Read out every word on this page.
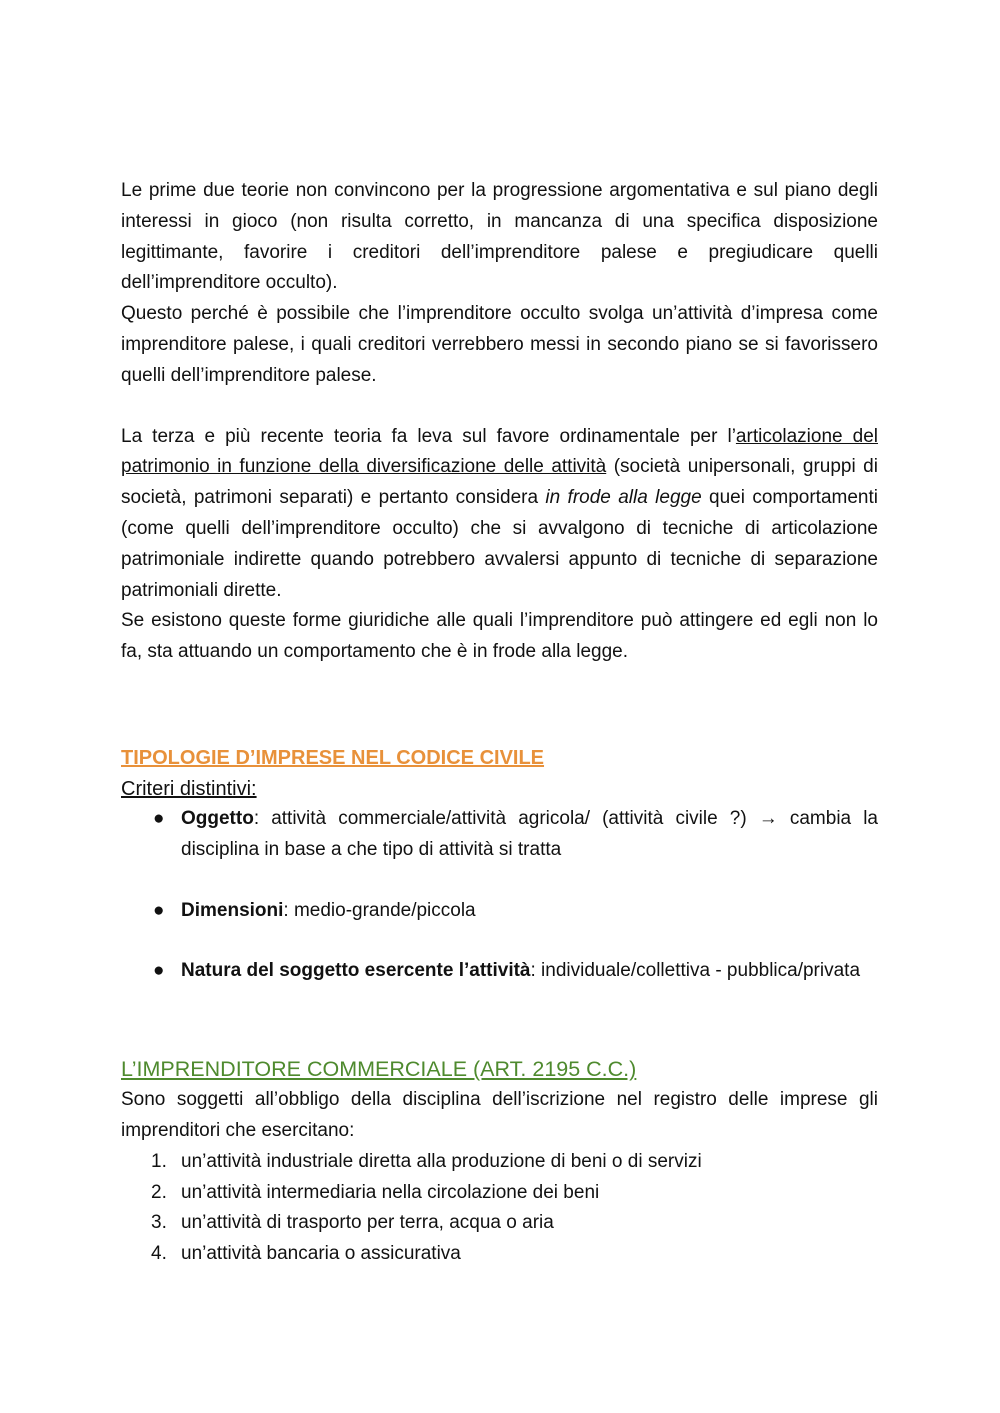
Le prime due teorie non convincono per la progressione argomentativa e sul piano degli interessi in gioco (non risulta corretto, in mancanza di una specifica disposizione legittimante, favorire i creditori dell’imprenditore palese e pregiudicare quelli dell’imprenditore occulto).

Questo perché è possibile che l’imprenditore occulto svolga un’attività d’impresa come imprenditore palese, i quali creditori verrebbero messi in secondo piano se si favorissero quelli dell’imprenditore palese.

La terza e più recente teoria fa leva sul favore ordinamentale per l’articolazione del patrimonio in funzione della diversificazione delle attività (società unipersonali, gruppi di società, patrimoni separati) e pertanto considera in frode alla legge quei comportamenti (come quelli dell’imprenditore occulto) che si avvalgono di tecniche di articolazione patrimoniale indirette quando potrebbero avvalersi appunto di tecniche di separazione patrimoniali dirette.

Se esistono queste forme giuridiche alle quali l’imprenditore può attingere ed egli non lo fa, sta attuando un comportamento che è in frode alla legge.

TIPOLOGIE D’IMPRESE NEL CODICE CIVILE

Criteri distintivi:

● Oggetto: attività commerciale/attività agricola/ (attività civile ?) → cambia la disciplina in base a che tipo di attività si tratta
● Dimensioni: medio-grande/piccola
● Natura del soggetto esercente l’attività: individuale/collettiva - pubblica/privata
L’IMPRENDITORE COMMERCIALE (ART. 2195 C.C.)

Sono soggetti all’obbligo della disciplina dell’iscrizione nel registro delle imprese gli imprenditori che esercitano:

1. un’attività industriale diretta alla produzione di beni o di servizi
2. un’attività intermediaria nella circolazione dei beni
3. un’attività di trasporto per terra, acqua o aria
4. un’attività bancaria o assicurativa
